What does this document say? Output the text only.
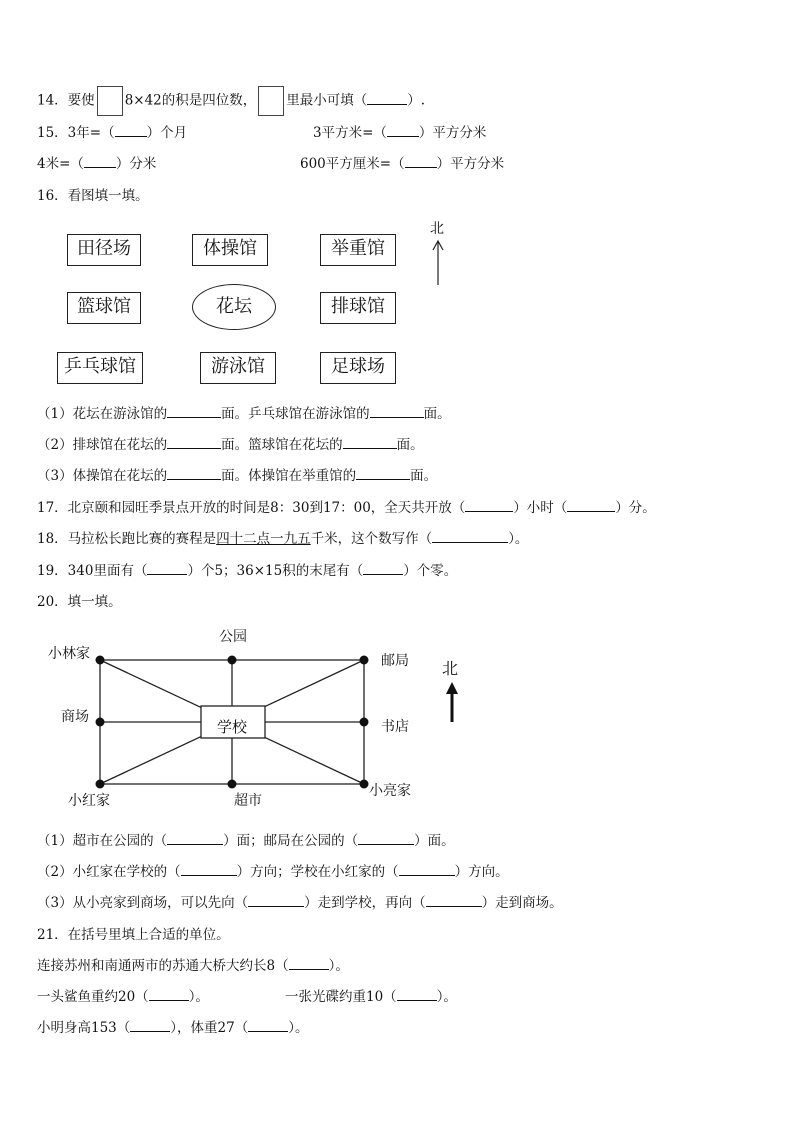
14．要使 8×42的积是四位数， 里最小可填（	）.
15．3年=（ ）个月	3平方米=（ ）平方分米
4米=（ ）分米	600平方厘米=（ ）平方分米
16．看图填一填。
田径场	体操馆	举重馆
篮球馆	花坛	排球馆
乒乓球馆	游泳馆	足球场
北
（1）花坛在游泳馆的	面。乒乓球馆在游泳馆的	面。
（2）排球馆在花坛的	面。篮球馆在花坛的	面。
（3）体操馆在花坛的	面。体操馆在举重馆的	面。
17．北京颐和园旺季景点开放的时间是8：30到17：00，全天共开放（	）小时（	）分。
18．马拉松长跑比赛的赛程是四十二点一九五千米，这个数写作（	）。
19．340里面有（	）个5；36×15积的末尾有（	）个零。
20．填一填。
小林家
公园
邮局
商场
学校	书店
小红家	超市
小亮家
北
（1）超市在公园的（	）面；邮局在公园的（	）面。
（2）小红家在学校的（	）方向；学校在小红家的（	）方向。
（3）从小亮家到商场，可以先向（	）走到学校，再向（	）走到商场。
21．在括号里填上合适的单位。
连接苏州和南通两市的苏通大桥大约长8（	）。
一头鲨鱼重约20（	）。	一张光碟约重10（	）。
小明身高153（	），体重27（	）。
